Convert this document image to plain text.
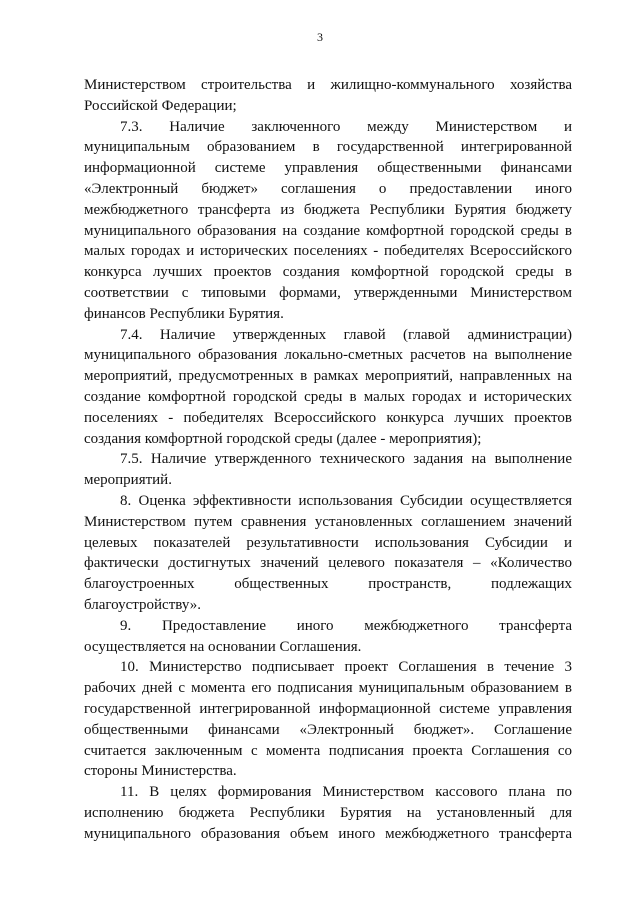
3
Министерством строительства и жилищно-коммунального хозяйства
Российской Федерации;
7.3. Наличие заключенного между Министерством и
муниципальным образованием в государственной интегрированной
информационной системе управления общественными финансами
«Электронный бюджет» соглашения о предоставлении иного
межбюджетного трансферта из бюджета Республики Бурятия бюджету
муниципального образования на создание комфортной городской среды в
малых городах и исторических поселениях - победителях Всероссийского
конкурса лучших проектов создания комфортной городской среды в
соответствии с типовыми формами, утвержденными Министерством
финансов Республики Бурятия.
7.4. Наличие утвержденных главой (главой администрации)
муниципального образования локально-сметных расчетов на выполнение
мероприятий, предусмотренных в рамках мероприятий, направленных на
создание комфортной городской среды в малых городах и исторических
поселениях - победителях Всероссийского конкурса лучших проектов
создания комфортной городской среды (далее - мероприятия);
7.5. Наличие утвержденного технического задания на выполнение
мероприятий.
8. Оценка эффективности использования Субсидии осуществляется
Министерством путем сравнения установленных соглашением значений
целевых показателей результативности использования Субсидии и
фактически достигнутых значений целевого показателя – «Количество
благоустроенных общественных пространств, подлежащих
благоустройству».
9. Предоставление иного межбюджетного трансферта
осуществляется на основании Соглашения.
10. Министерство подписывает проект Соглашения в течение 3
рабочих дней с момента его подписания муниципальным образованием в
государственной интегрированной информационной системе управления
общественными финансами «Электронный бюджет». Соглашение
считается заключенным с момента подписания проекта Соглашения со
стороны Министерства.
11. В целях формирования Министерством кассового плана по
исполнению бюджета Республики Бурятия на установленный для
муниципального образования объем иного межбюджетного трансферта
